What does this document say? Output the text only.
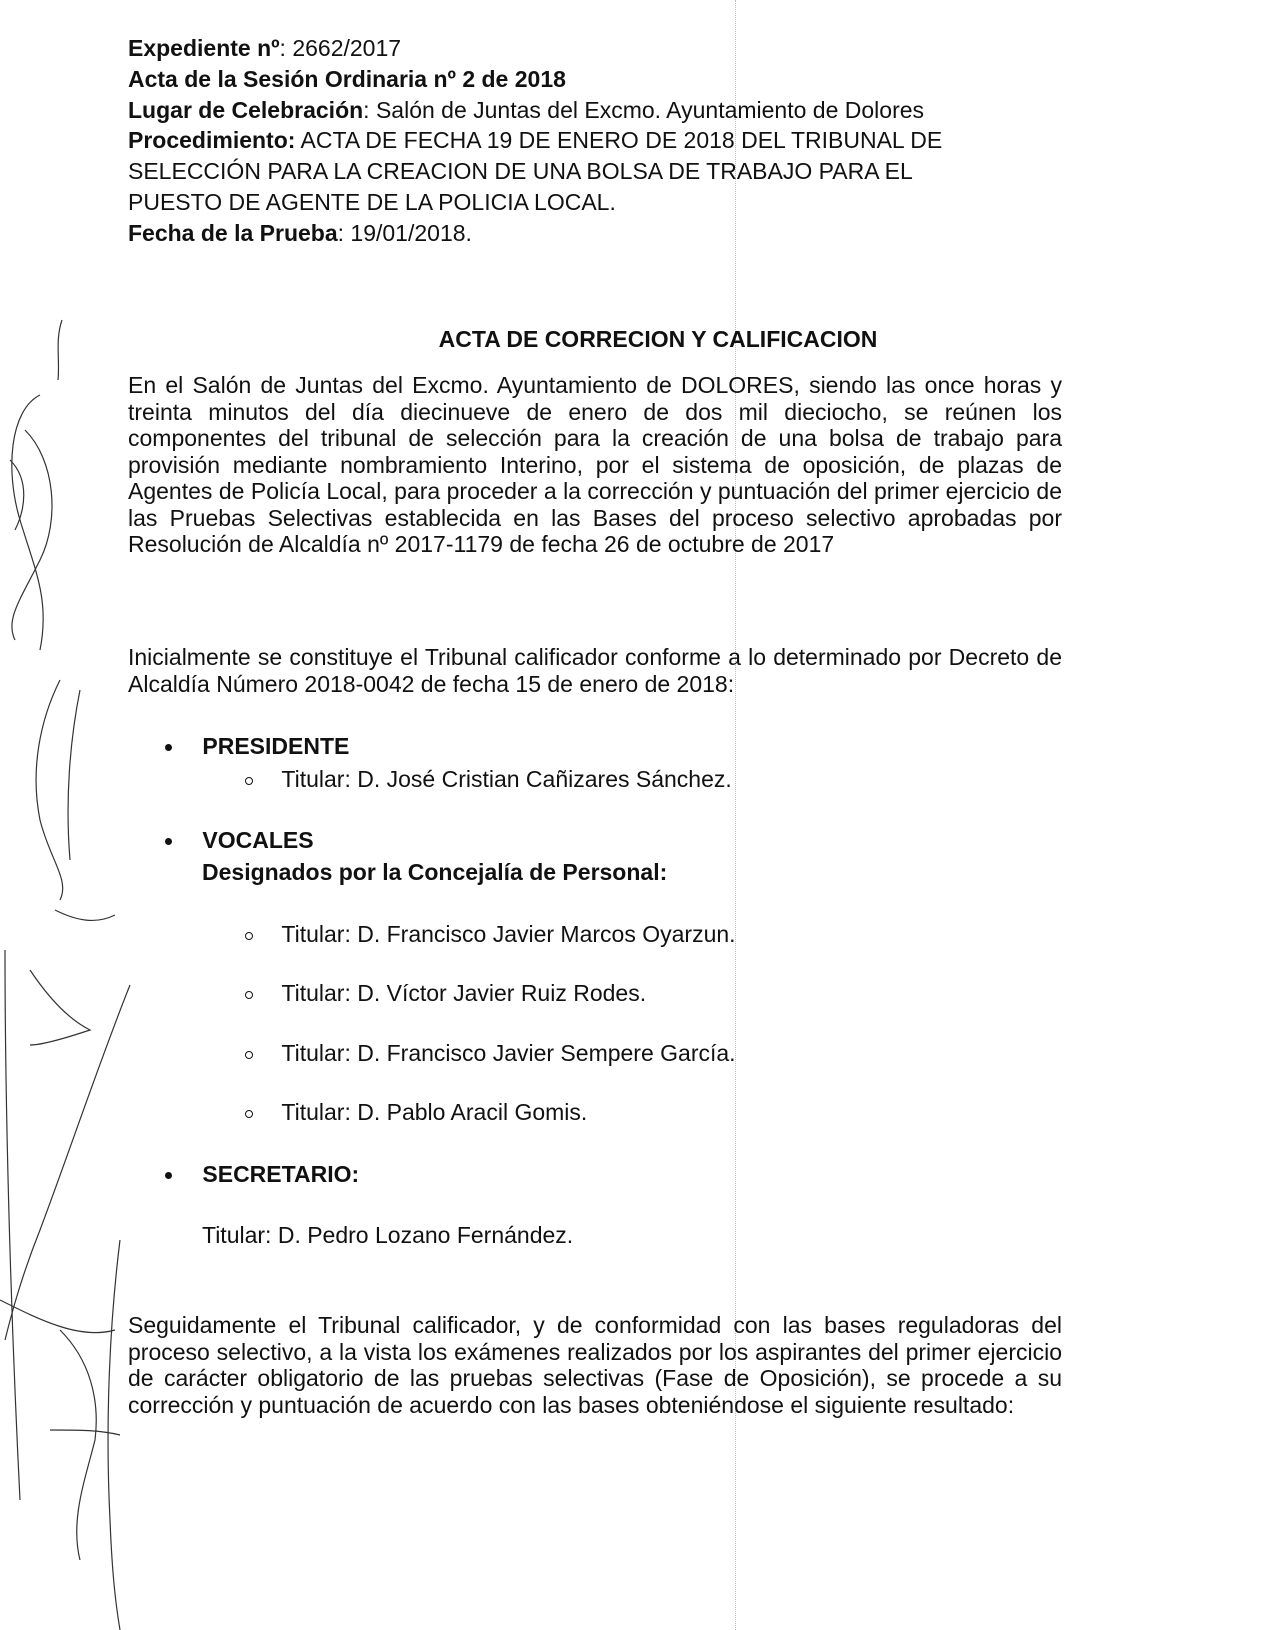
Expediente nº: 2662/2017
Acta de la Sesión Ordinaria nº 2 de 2018
Lugar de Celebración: Salón de Juntas del Excmo. Ayuntamiento de Dolores
Procedimiento: ACTA DE FECHA 19 DE ENERO DE 2018 DEL TRIBUNAL DE
SELECCIÓN PARA LA CREACION DE UNA BOLSA DE TRABAJO PARA EL
PUESTO DE AGENTE DE LA POLICIA LOCAL.
Fecha de la Prueba: 19/01/2018.
ACTA DE CORRECION Y CALIFICACION

En el Salón de Juntas del Excmo. Ayuntamiento de DOLORES, siendo las once horas y treinta minutos del día diecinueve de enero de dos mil dieciocho, se reúnen los componentes del tribunal de selección para la creación de una bolsa de trabajo para provisión mediante nombramiento Interino, por el sistema de oposición, de plazas de Agentes de Policía Local, para proceder a la corrección y puntuación del primer ejercicio de las Pruebas Selectivas establecida en las Bases del proceso selectivo aprobadas por Resolución de Alcaldía nº 2017-1179 de fecha 26 de octubre de 2017

Inicialmente se constituye el Tribunal calificador conforme a lo determinado por Decreto de Alcaldía Número 2018-0042 de fecha 15 de enero de 2018:

PRESIDENTE
Titular: D. José Cristian Cañizares Sánchez.
VOCALES
Designados por la Concejalía de Personal:
Titular: D. Francisco Javier Marcos Oyarzun.
Titular: D. Víctor Javier Ruiz Rodes.
Titular: D. Francisco Javier Sempere García.
Titular: D. Pablo Aracil Gomis.
SECRETARIO:
Titular: D. Pedro Lozano Fernández.

Seguidamente el Tribunal calificador, y de conformidad con las bases reguladoras del proceso selectivo, a la vista los exámenes realizados por los aspirantes del primer ejercicio de carácter obligatorio de las pruebas selectivas (Fase de Oposición), se procede a su corrección y puntuación de acuerdo con las bases obteniéndose el siguiente resultado:
